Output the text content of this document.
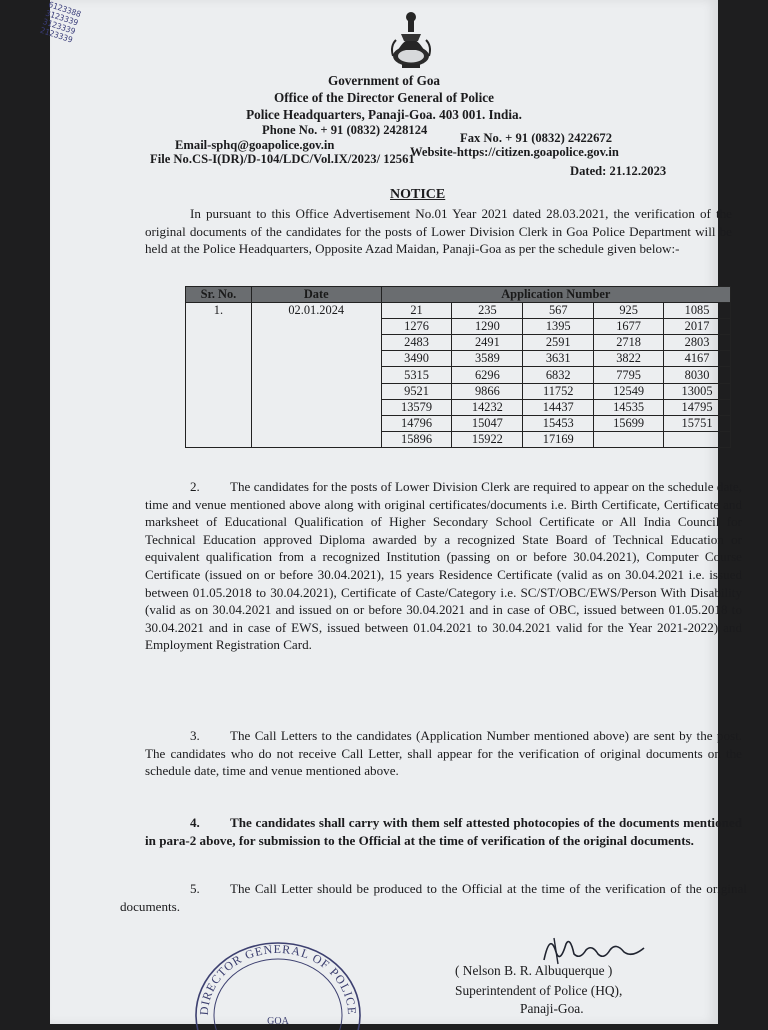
6123388
3123339
3123339
2123339
Government of Goa
Office of the Director General of Police
Police Headquarters, Panaji-Goa. 403 001. India.
Phone No. + 91 (0832) 2428124
Fax No. + 91 (0832) 2422672
Email-sphq@goapolice.gov.in	Website-https://citizen.goapolice.gov.in
File No.CS-I(DR)/D-104/LDC/Vol.IX/2023/ 12561
Dated: 21.12.2023
NOTICE
In pursuant to this Office Advertisement No.01 Year 2021 dated 28.03.2021, the verification of the original documents of the candidates for the posts of Lower Division Clerk in Goa Police Department will be held at the Police Headquarters, Opposite Azad Maidan, Panaji-Goa as per the schedule given below:-
Sr. No.	Date	Application Number				
1.	02.01.2024	21	235	567	925	1085
		1276	1290	1395	1677	2017
		2483	2491	2591	2718	2803
		3490	3589	3631	3822	4167
		5315	6296	6832	7795	8030
		9521	9866	11752	12549	13005
		13579	14232	14437	14535	14795
		14796	15047	15453	15699	15751
		15896	15922	17169		
2. The candidates for the posts of Lower Division Clerk are required to appear on the schedule date, time and venue mentioned above along with original certificates/documents i.e. Birth Certificate, Certificate and marksheet of Educational Qualification of Higher Secondary School Certificate or All India Council for Technical Education approved Diploma awarded by a recognized State Board of Technical Education or equivalent qualification from a recognized Institution (passing on or before 30.04.2021), Computer Course Certificate (issued on or before 30.04.2021), 15 years Residence Certificate (valid as on 30.04.2021 i.e. issued between 01.05.2018 to 30.04.2021), Certificate of Caste/Category i.e. SC/ST/OBC/EWS/Person With Disability (valid as on 30.04.2021 and issued on or before 30.04.2021 and in case of OBC, issued between 01.05.2018 to 30.04.2021 and in case of EWS, issued between 01.04.2021 to 30.04.2021 valid for the Year 2021-2022) and Employment Registration Card.
3. The Call Letters to the candidates (Application Number mentioned above) are sent by the post. The candidates who do not receive Call Letter, shall appear for the verification of original documents on the schedule date, time and venue mentioned above.
4. The candidates shall carry with them self attested photocopies of the documents mentioned in para-2 above, for submission to the Official at the time of verification of the original documents.
5. The Call Letter should be produced to the Official at the time of the verification of the original documents.
DIRECTOR GENERAL OF POLICE
GOA
( Nelson B. R. Albuquerque )
Superintendent of Police (HQ),
Panaji-Goa.
